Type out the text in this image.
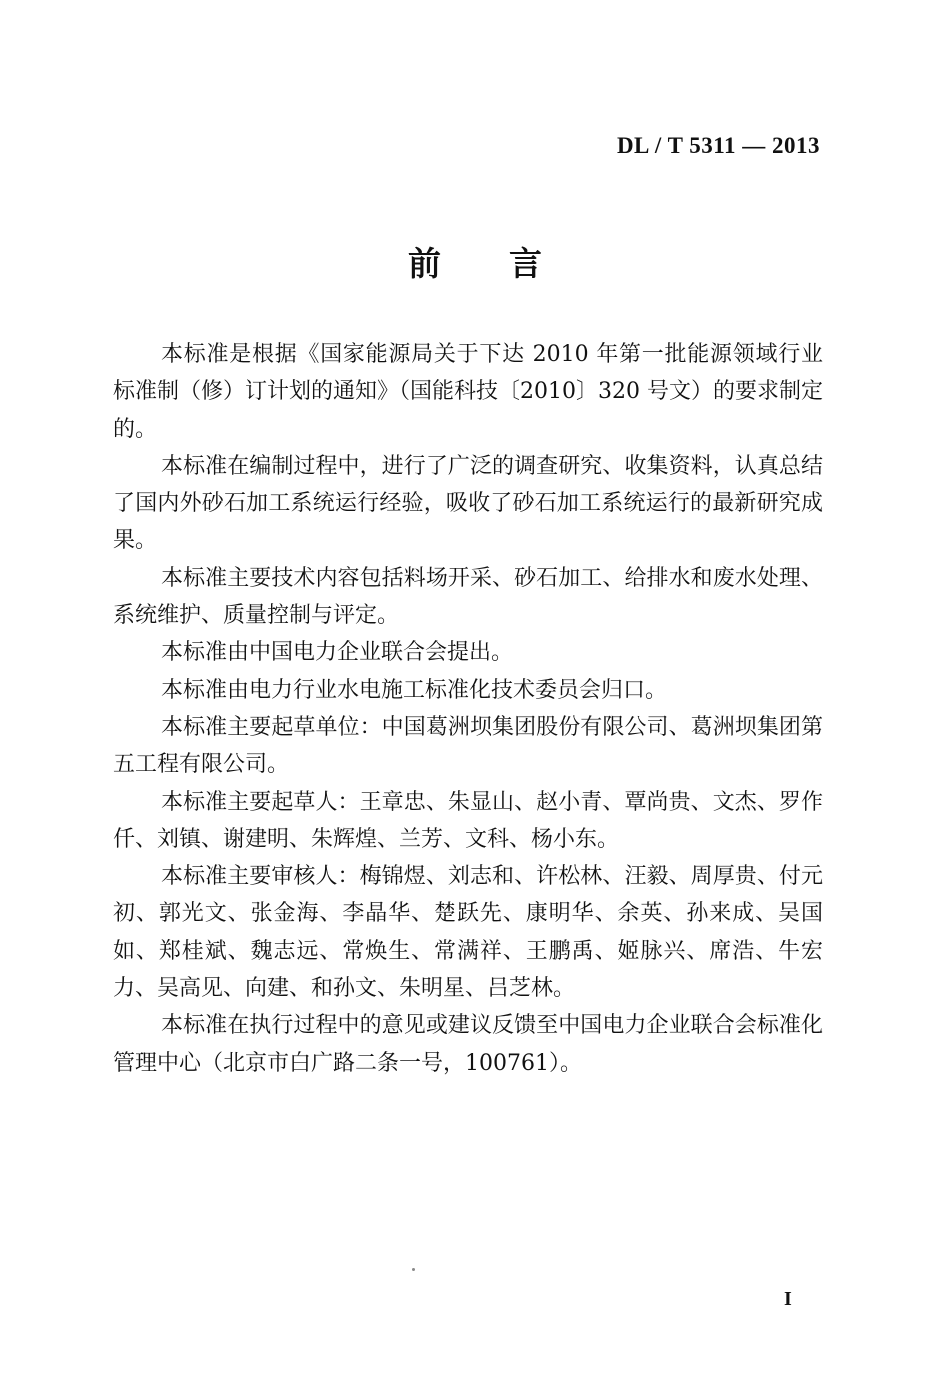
DL / T 5311 — 2013
前言

本标准是根据《国家能源局关于下达 2010 年第一批能源领域行业标准制（修）订计划的通知》（国能科技〔2010〕320 号文）的要求制定的。

本标准在编制过程中，进行了广泛的调查研究、收集资料，认真总结了国内外砂石加工系统运行经验，吸收了砂石加工系统运行的最新研究成果。

本标准主要技术内容包括料场开采、砂石加工、给排水和废水处理、系统维护、质量控制与评定。

本标准由中国电力企业联合会提出。

本标准由电力行业水电施工标准化技术委员会归口。

本标准主要起草单位：中国葛洲坝集团股份有限公司、葛洲坝集团第五工程有限公司。

本标准主要起草人：王章忠、朱显山、赵小青、覃尚贵、文杰、罗作仟、刘镇、谢建明、朱辉煌、兰芳、文科、杨小东。

本标准主要审核人：梅锦煜、刘志和、许松林、汪毅、周厚贵、付元初、郭光文、张金海、李晶华、楚跃先、康明华、余英、孙来成、吴国如、郑桂斌、魏志远、常焕生、常满祥、王鹏禹、姬脉兴、席浩、牛宏力、吴高见、向建、和孙文、朱明星、吕芝林。

本标准在执行过程中的意见或建议反馈至中国电力企业联合会标准化管理中心（北京市白广路二条一号，100761）。

I
